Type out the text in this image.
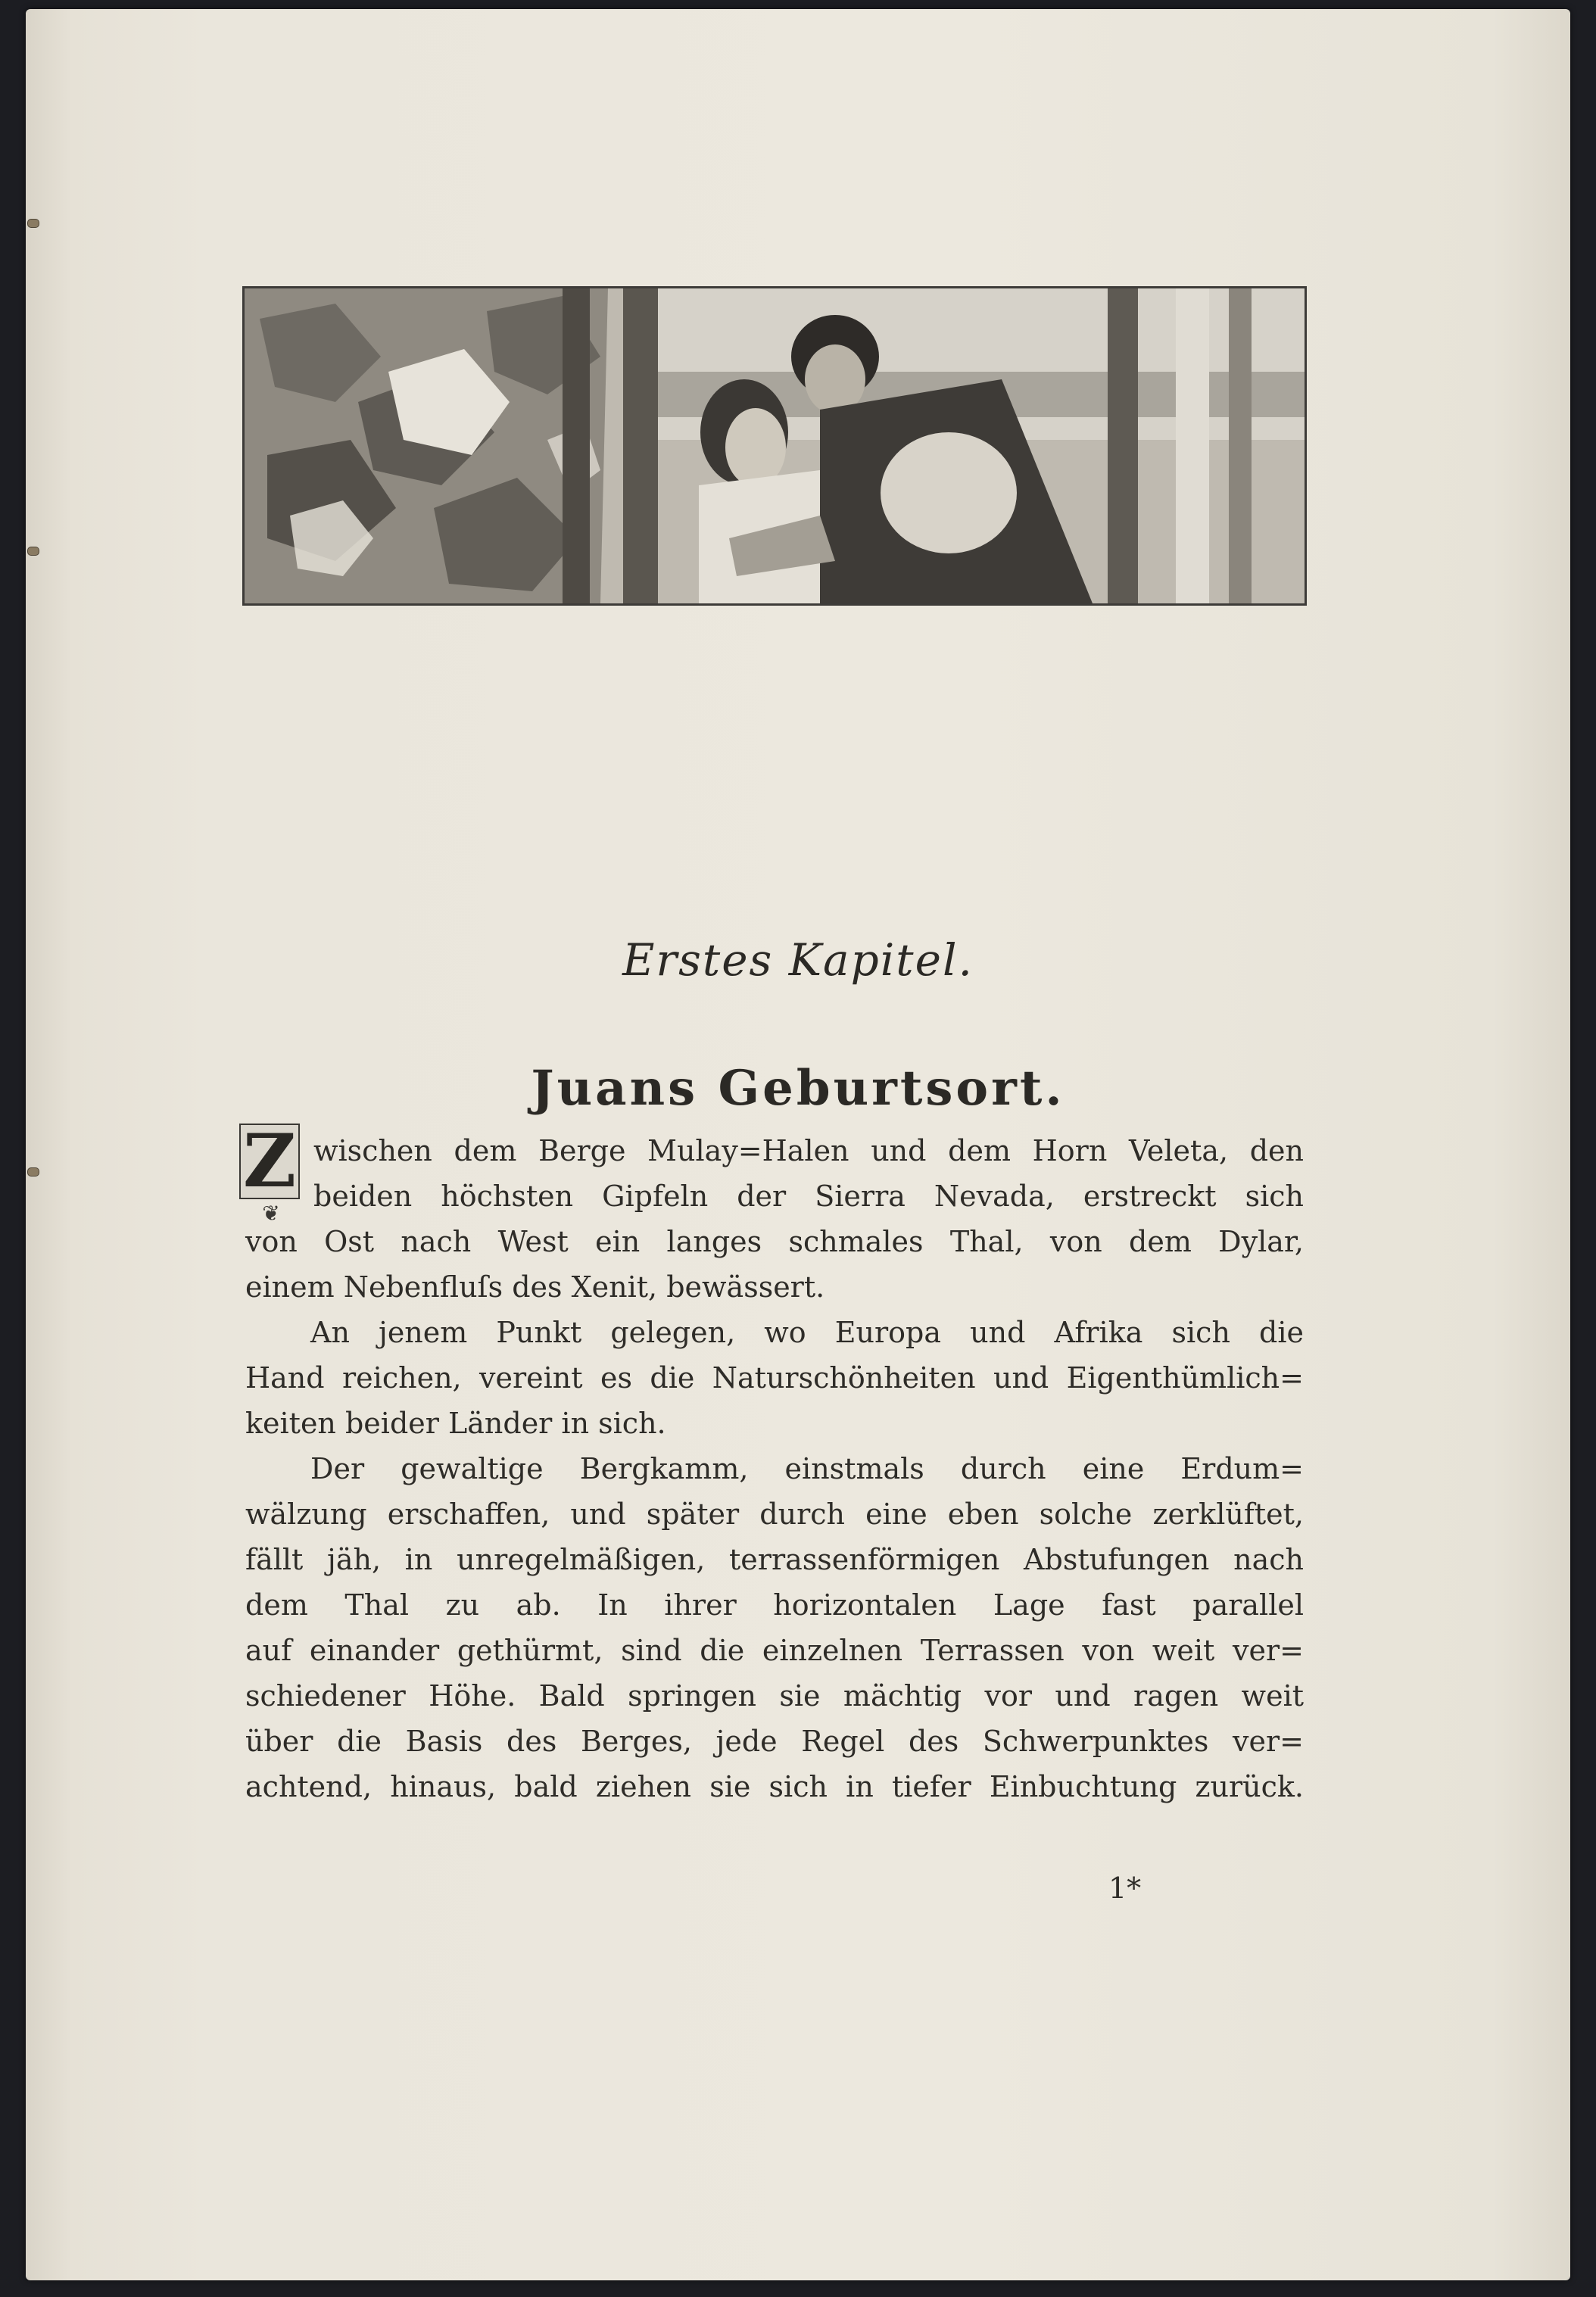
Erstes Kapitel.
Juans Geburtsort.
Z
❦
wischen dem Berge Mulay=Halen und dem Horn Veleta, den
beiden höchsten Gipfeln der Sierra Nevada, erstreckt sich
von Ost nach West ein langes schmales Thal, von dem Dylar,
einem Nebenfluſs des Xenit, bewässert.
An jenem Punkt gelegen, wo Europa und Afrika sich die
Hand reichen, vereint es die Naturschönheiten und Eigenthümlich=
keiten beider Länder in sich.
Der gewaltige Bergkamm, einstmals durch eine Erdum=
wälzung erschaffen, und später durch eine eben solche zerklüftet,
fällt jäh, in unregelmäßigen, terrassenförmigen Abstufungen nach
dem Thal zu ab. In ihrer horizontalen Lage fast parallel
auf einander gethürmt, sind die einzelnen Terrassen von weit ver=
schiedener Höhe. Bald springen sie mächtig vor und ragen weit
über die Basis des Berges, jede Regel des Schwerpunktes ver=
achtend, hinaus, bald ziehen sie sich in tiefer Einbuchtung zurück.
1*
